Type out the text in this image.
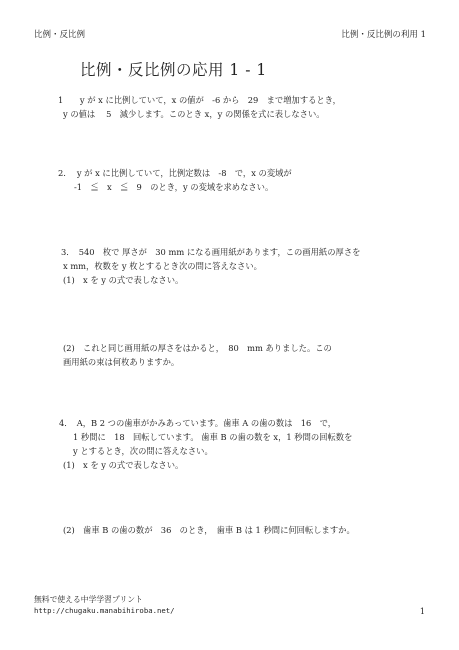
比例・反比例	比例・反比例の利用 1
比例・反比例の応用 1 - 1
1　　y が x に比例していて，x の値が　-6 から　29　まで増加するとき，
y の値は　 5　減少します。このとき x，y の関係を式に表しなさい。
2.　 y が x に比例していて，比例定数は　-8　で，x の変域が
-1　≦　x　≦　9　のとき，y の変域を求めなさい。
3．　540　枚で 厚さが　30 mm になる画用紙があります，この画用紙の厚さを
x mm，枚数を y 枚とするとき次の問に答えなさい。
(1)　x を y の式で表しなさい。
(2)　これと同じ画用紙の厚さをはかると，　80　mm ありました。この
画用紙の束は何枚ありますか。
4．　A，B 2 つの歯車がかみあっています。歯車 A の歯の数は　16　で，
1 秒間に　18　回転しています。 歯車 B の歯の数を x，1 秒間の回転数を
y とするとき，次の問に答えなさい。
(1)　x を y の式で表しなさい。
(2)　歯車 B の歯の数が　36　のとき，　歯車 B は 1 秒間に何回転しますか。
無料で使える中学学習プリント
http://chugaku.manabihiroba.net/	1
